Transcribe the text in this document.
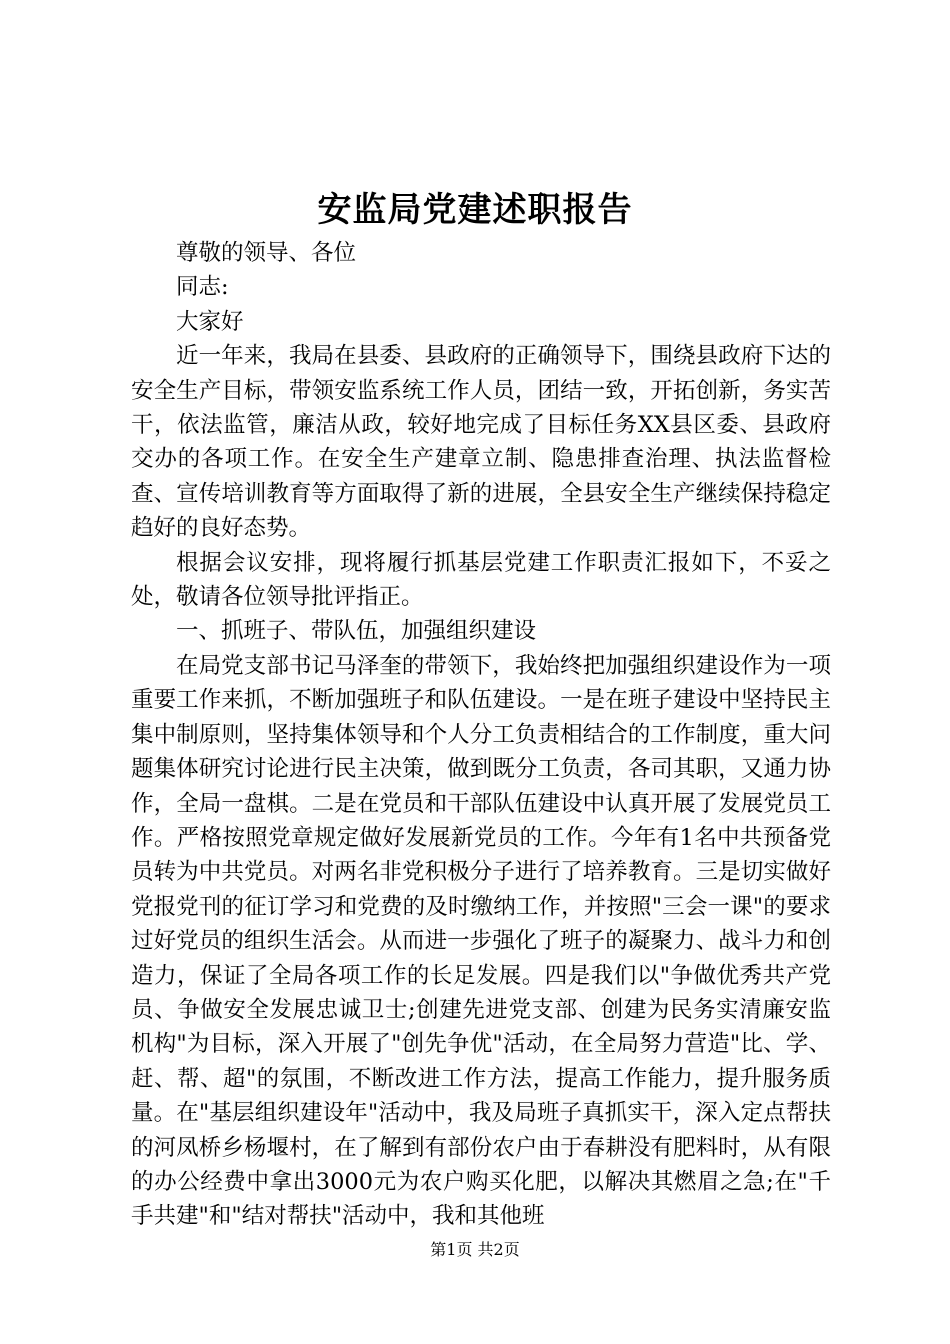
安监局党建述职报告

尊敬的领导、各位

同志:

大家好

近一年来，我局在县委、县政府的正确领导下，围绕县政府下达的安全生产目标，带领安监系统工作人员，团结一致，开拓创新，务实苦干，依法监管，廉洁从政，较好地完成了目标任务XX县区委、县政府交办的各项工作。在安全生产建章立制、隐患排查治理、执法监督检查、宣传培训教育等方面取得了新的进展，全县安全生产继续保持稳定趋好的良好态势。

根据会议安排，现将履行抓基层党建工作职责汇报如下，不妥之处，敬请各位领导批评指正。

一、抓班子、带队伍，加强组织建设

在局党支部书记马泽奎的带领下，我始终把加强组织建设作为一项重要工作来抓，不断加强班子和队伍建设。一是在班子建设中坚持民主集中制原则，坚持集体领导和个人分工负责相结合的工作制度，重大问题集体研究讨论进行民主决策，做到既分工负责，各司其职，又通力协作，全局一盘棋。二是在党员和干部队伍建设中认真开展了发展党员工作。严格按照党章规定做好发展新党员的工作。今年有1名中共预备党员转为中共党员。对两名非党积极分子进行了培养教育。三是切实做好党报党刊的征订学习和党费的及时缴纳工作，并按照"三会一课"的要求过好党员的组织生活会。从而进一步强化了班子的凝聚力、战斗力和创造力，保证了全局各项工作的长足发展。四是我们以"争做优秀共产党员、争做安全发展忠诚卫士;创建先进党支部、创建为民务实清廉安监机构"为目标，深入开展了"创先争优"活动，在全局努力营造"比、学、赶、帮、超"的氛围，不断改进工作方法，提高工作能力，提升服务质量。在"基层组织建设年"活动中，我及局班子真抓实干，深入定点帮扶的河凤桥乡杨堰村，在了解到有部份农户由于春耕没有肥料时，从有限的办公经费中拿出3000元为农户购买化肥，以解决其燃眉之急;在"千手共建"和"结对帮扶"活动中，我和其他班

第1页 共2页
